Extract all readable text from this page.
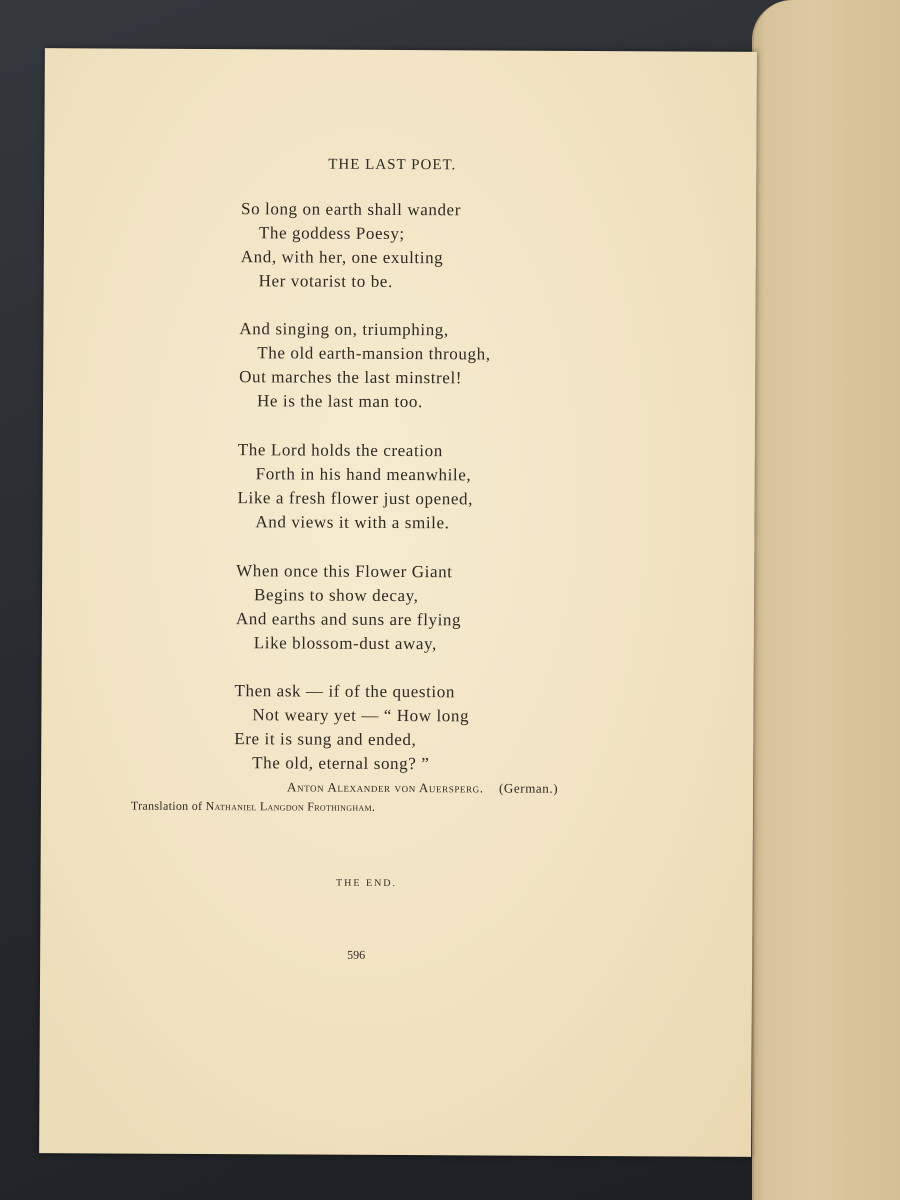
THE LAST POET.
So long on earth shall wander
The goddess Poesy;
And, with her, one exulting
Her votarist to be.
And singing on, triumphing,
The old earth-mansion through,
Out marches the last minstrel!
He is the last man too.
The Lord holds the creation
Forth in his hand meanwhile,
Like a fresh flower just opened,
And views it with a smile.
When once this Flower Giant
Begins to show decay,
And earths and suns are flying
Like blossom-dust away,
Then ask — if of the question
Not weary yet — “ How long
Ere it is sung and ended,
The old, eternal song? ”
Anton Alexander von Auersperg. (German.)
Translation of Nathaniel Langdon Frothingham.
THE END.
596
